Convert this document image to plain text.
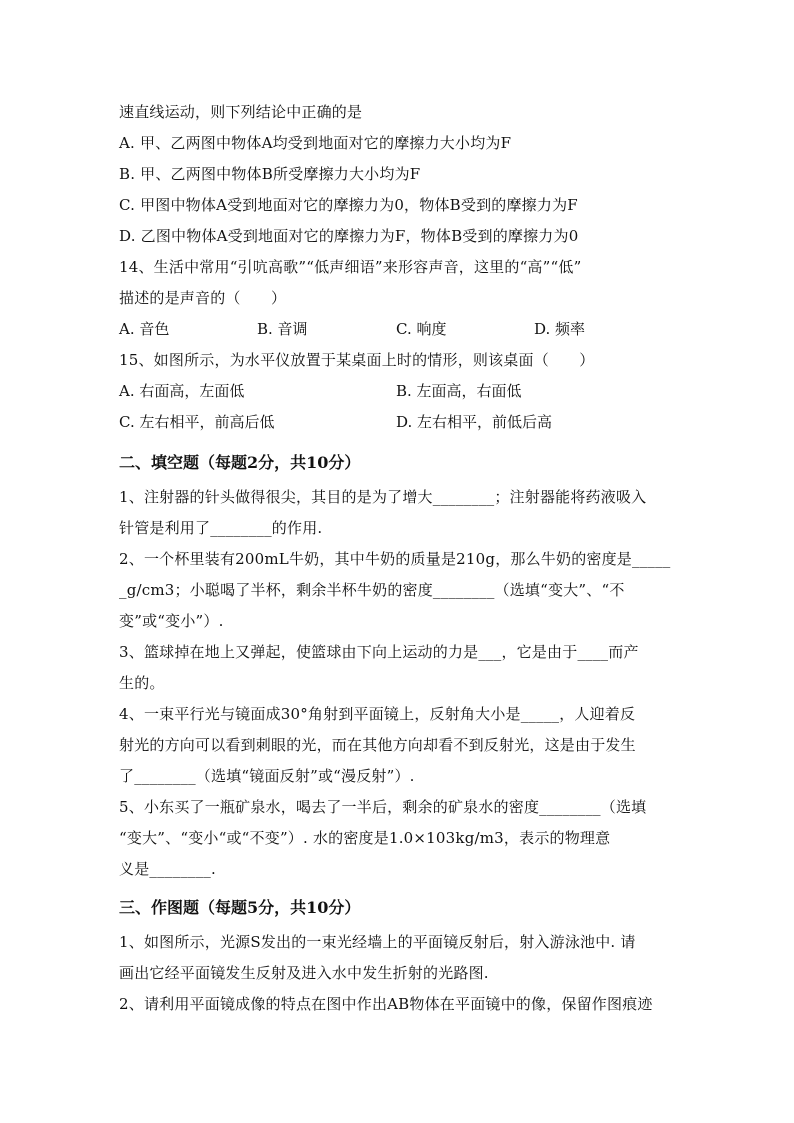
速直线运动，则下列结论中正确的是
A. 甲、乙两图中物体A均受到地面对它的摩擦力大小均为F
B. 甲、乙两图中物体B所受摩擦力大小均为F
C. 甲图中物体A受到地面对它的摩擦力为0，物体B受到的摩擦力为F
D. 乙图中物体A受到地面对它的摩擦力为F，物体B受到的摩擦力为0
14、生活中常用“引吭高歌”“低声细语”来形容声音，这里的“高”“低”
描述的是声音的（　　）
A. 音色	B. 音调	C. 响度	D. 频率
15、如图所示，为水平仪放置于某桌面上时的情形，则该桌面（　　）
A. 右面高，左面低	B. 左面高，右面低
C. 左右相平，前高后低	D. 左右相平，前低后高
二、填空题（每题2分，共10分）
1、注射器的针头做得很尖，其目的是为了增大________；注射器能将药液吸入
针管是利用了________的作用.
2、一个杯里装有200mL牛奶，其中牛奶的质量是210g，那么牛奶的密度是_____
_g/cm3；小聪喝了半杯，剩余半杯牛奶的密度________（选填“变大”、“不
变”或“变小”）.
3、篮球掉在地上又弹起，使篮球由下向上运动的力是___，它是由于____而产
生的。
4、一束平行光与镜面成30°角射到平面镜上，反射角大小是_____，人迎着反
射光的方向可以看到刺眼的光，而在其他方向却看不到反射光，这是由于发生
了________（选填“镜面反射”或“漫反射”）.
5、小东买了一瓶矿泉水，喝去了一半后，剩余的矿泉水的密度________（选填
“变大”、“变小“或“不变”）. 水的密度是1.0×103kg/m3，表示的物理意
义是________.
三、作图题（每题5分，共10分）
1、如图所示，光源S发出的一束光经墙上的平面镜反射后，射入游泳池中. 请
画出它经平面镜发生反射及进入水中发生折射的光路图.
2、请利用平面镜成像的特点在图中作出AB物体在平面镜中的像，保留作图痕迹
